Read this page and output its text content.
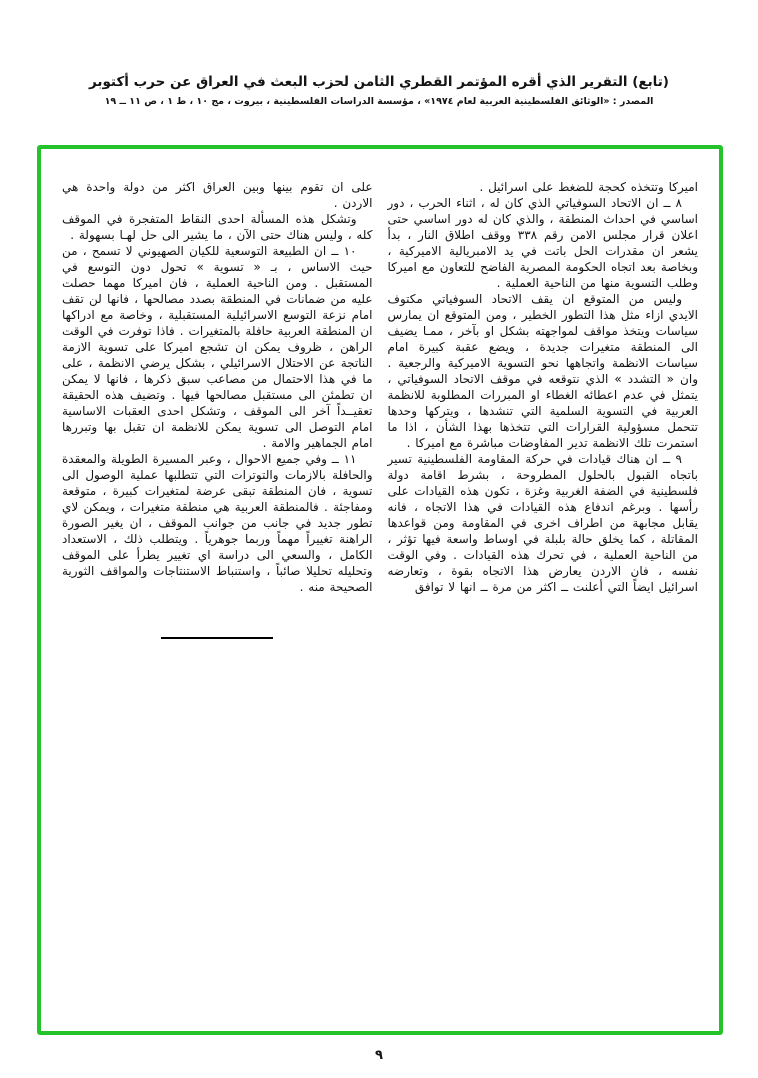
(تابع) التقرير الذي أقره المؤتمر القطري الثامن لحزب البعث في العراق عن حرب أكتوبر
المصدر : «الوثائق الفلسطينية العربية لعام ١٩٧٤» ، مؤسسة الدراسات الفلسطينية ، بيروت ، مج ١٠ ، ط ١ ، ص ١١ ــ ١٩

اميركا وتتخذه كحجة للضغط على اسرائيل .

٨ ــ ان الاتحاد السوفياتي الذي كان له ، اثناء الحرب ، دور اساسي في احداث المنطقة ، والذي كان له دور اساسي حتى اعلان قرار مجلس الامن رقم ٣٣٨ ووقف اطلاق النار ، بدأ يشعر ان مقدرات الحل باتت في يد الامبريالية الاميركية ، وبخاصة بعد اتجاه الحكومة المصرية الفاضح للتعاون مع اميركا وطلب التسوية منها من الناحية العملية .

وليس من المتوقع ان يقف الاتحاد السوفياتي مكتوف الايدي ازاء مثل هذا التطور الخطير ، ومن المتوقع ان يمارس سياسات ويتخذ مواقف لمواجهته بشكل او بآخر ، ممـا يضيف الى المنطقة متغيرات جديدة ، ويضع عقبة كبيرة امام سياسات الانظمة واتجاهها نحو التسوية الاميركية والرجعية . وان « التشدد » الذي نتوقعه في موقف الاتحاد السوفياتي ، يتمثل في عدم اعطائه الغطاء او المبررات المطلوبة للانظمة العربية في التسوية السلمية التي تنشدها ، ويتركها وحدها تتحمل مسؤولية القرارات التي تتخذها بهذا الشأن ، اذا ما استمرت تلك الانظمة تدير المفاوضات مباشرة مع اميركا .

٩ ــ ان هناك قيادات في حركة المقاومة الفلسطينية تسير باتجاه القبول بالحلول المطروحة ، بشرط اقامة دولة فلسطينية في الضفة الغربية وغزة ، تكون هذه القيادات على رأسها . وبرغم اندفاع هذه القيادات في هذا الاتجاه ، فانه يقابل مجابهة من اطراف اخرى في المقاومة ومن قواعدها المقاتلة ، كما يخلق حالة بلبلة في اوساط واسعة فيها تؤثر ، من الناحية العملية ، في تحرك هذه القيادات . وفي الوقت نفسه ، فان الاردن يعارض هذا الاتجاه بقوة ، وتعارضه اسرائيل ايضاً التي أعلنت ــ اكثر من مرة ــ انها لا توافق

على ان تقوم بينها وبين العراق اكثر من دولة واحدة هي الاردن .

وتشكل هذه المسألة احدى النقاط المتفجرة في الموقف كله ، وليس هناك حتى الآن ، ما يشير الى حل لهـا بسهولة .

١٠ ــ ان الطبيعة التوسعية للكيان الصهيوني لا تسمح ، من حيث الاساس ، بـ « تسوية » تحول دون التوسع في المستقبل . ومن الناحية العملية ، فان اميركا مهما حصلت عليه من ضمانات في المنطقة بصدد مصالحها ، فانها لن تقف امام نزعة التوسع الاسرائيلية المستقبلية ، وخاصة مع ادراكها ان المنطقة العربية حافلة بالمتغيرات . فاذا توفرت في الوقت الراهن ، ظروف يمكن ان تشجع اميركا على تسوية الازمة الناتجة عن الاحتلال الاسرائيلي ، بشكل يرضي الانظمة ، على ما في هذا الاحتمال من مصاعب سبق ذكرها ، فانها لا يمكن ان تطمئن الى مستقبل مصالحها فيها . وتضيف هذه الحقيقة تعقيــداً آخر الى الموقف ، وتشكل احدى العقبات الاساسية امام التوصل الى تسوية يمكن للانظمة ان تقبل بها وتبررها امام الجماهير والامة .

١١ ــ وفي جميع الاحوال ، وعبر المسيرة الطويلة والمعقدة والحافلة بالازمات والتوترات التي تتطلبها عملية الوصول الى تسوية ، فان المنطقة تبقى عرضة لمتغيرات كبيرة ، متوقعة ومفاجئة . فالمنطقة العربية هي منطقة متغيرات ، ويمكن لاي تطور جديد في جانب من جوانب الموقف ، ان يغير الصورة الراهنة تغييراً مهماً وربما جوهرياً . ويتطلب ذلك ، الاستعداد الكامل ، والسعي الى دراسة اي تغيير يطرأ على الموقف وتحليله تحليلا صائباً ، واستنباط الاستنتاجات والمواقف الثورية الصحيحة منه .

٩
